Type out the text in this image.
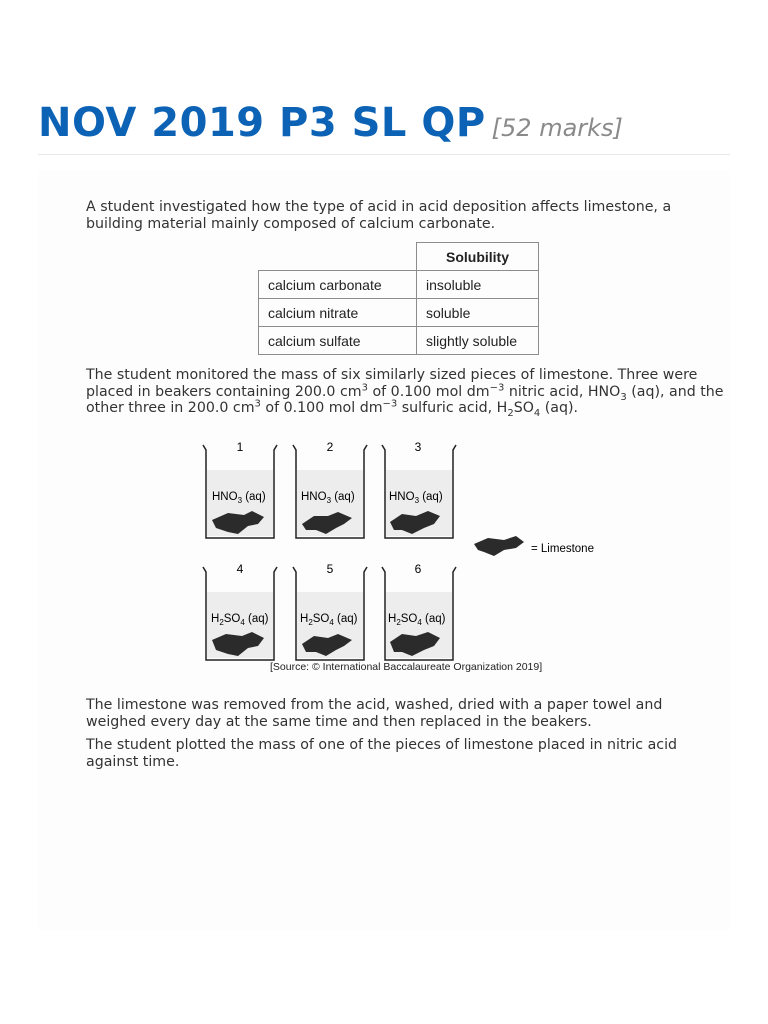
NOV 2019 P3 SL QP [52 marks]

A student investigated how the type of acid in acid deposition affects limestone, a building material mainly composed of calcium carbonate.

	Solubility
calcium carbonate	insoluble
calcium nitrate	soluble
calcium sulfate	slightly soluble

The student monitored the mass of six similarly sized pieces of limestone. Three were placed in beakers containing 200.0 $cm^3$ of 0.100 mol $dm^{-3}$ nitric acid, $HNO_3$ (aq), and the other three in 200.0 $cm^3$ of 0.100 mol $dm^{-3}$ sulfuric acid, $H_2SO_4$ (aq).

1
$HNO_3$ (aq)
2
$HNO_3$ (aq)
3
$HNO_3$ (aq)
= Limestone
4
$H_2SO_4$ (aq)
5
$H_2SO_4$ (aq)
6
$H_2SO_4$ (aq)
[Source: © International Baccalaureate Organization 2019]

The limestone was removed from the acid, washed, dried with a paper towel and weighed every day at the same time and then replaced in the beakers.

The student plotted the mass of one of the pieces of limestone placed in nitric acid against time.
